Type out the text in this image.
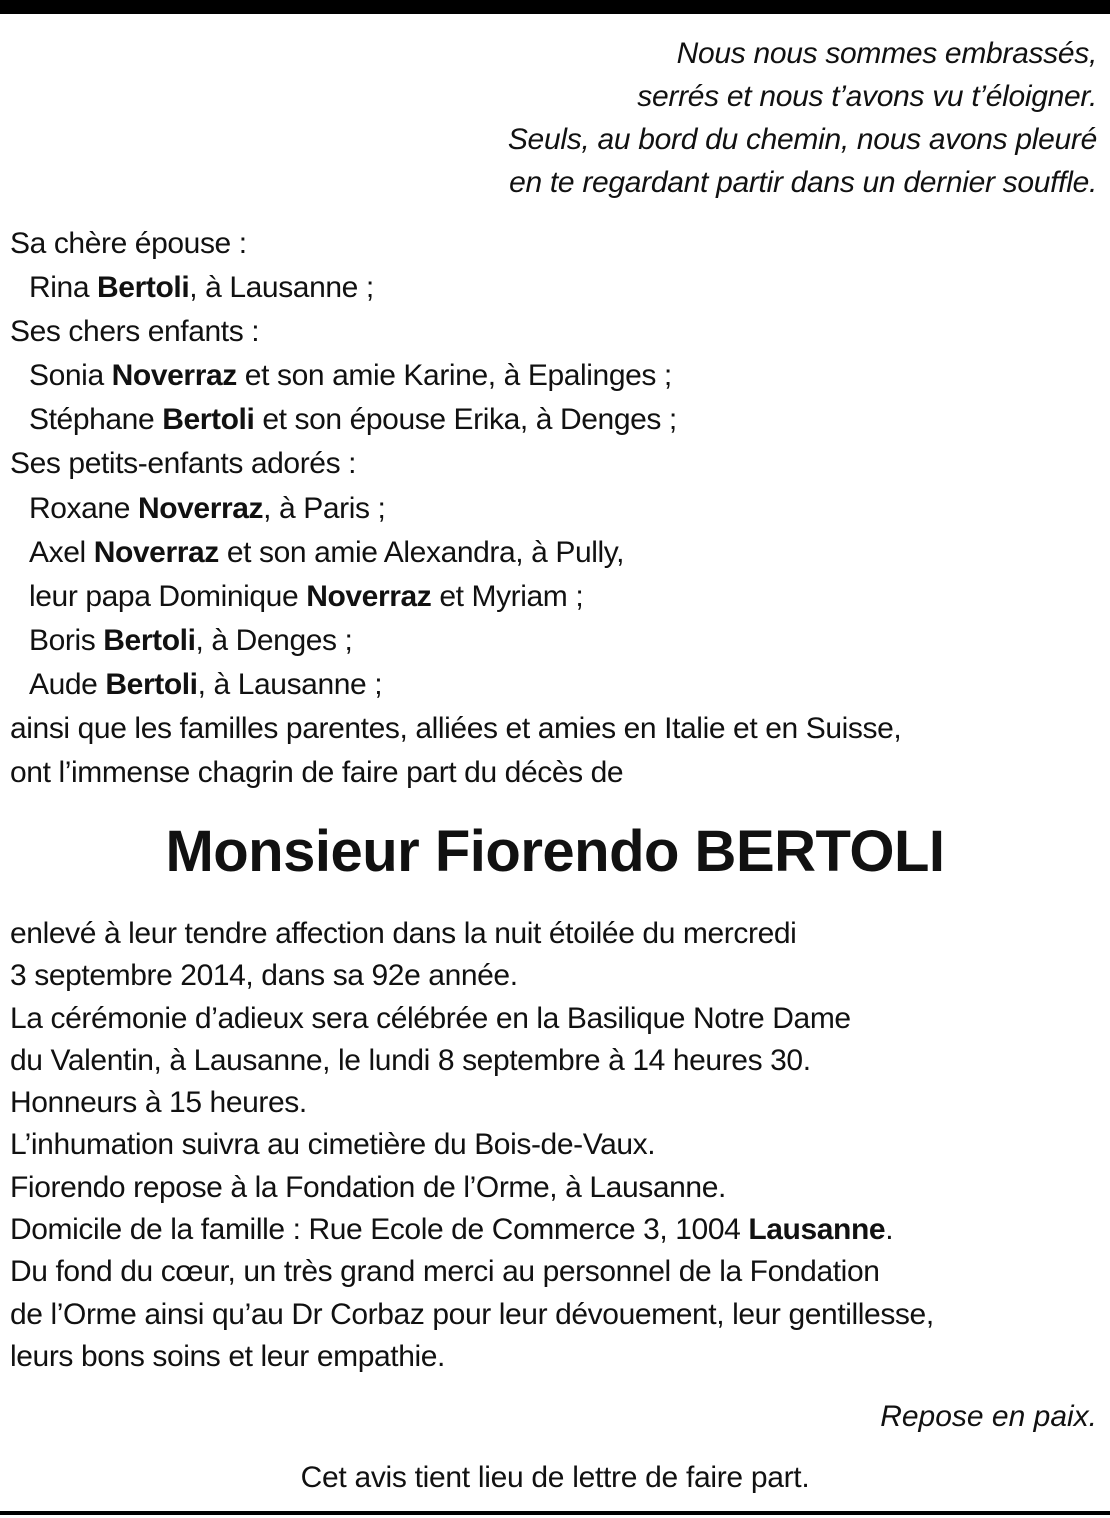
Nous nous sommes embrassés,
serrés et nous t’avons vu t’éloigner.
Seuls, au bord du chemin, nous avons pleuré
en te regardant partir dans un dernier souffle.
Sa chère épouse :
Rina Bertoli, à Lausanne ;
Ses chers enfants :
Sonia Noverraz et son amie Karine, à Epalinges ;
Stéphane Bertoli et son épouse Erika, à Denges ;
Ses petits-enfants adorés :
Roxane Noverraz, à Paris ;
Axel Noverraz et son amie Alexandra, à Pully,
leur papa Dominique Noverraz et Myriam ;
Boris Bertoli, à Denges ;
Aude Bertoli, à Lausanne ;
ainsi que les familles parentes, alliées et amies en Italie et en Suisse,
ont l’immense chagrin de faire part du décès de
Monsieur Fiorendo BERTOLI
enlevé à leur tendre affection dans la nuit étoilée du mercredi
3 septembre 2014, dans sa 92e année.
La cérémonie d’adieux sera célébrée en la Basilique Notre Dame
du Valentin, à Lausanne, le lundi 8 septembre à 14 heures 30.
Honneurs à 15 heures.
L’inhumation suivra au cimetière du Bois-de-Vaux.
Fiorendo repose à la Fondation de l’Orme, à Lausanne.
Domicile de la famille : Rue Ecole de Commerce 3, 1004 Lausanne.
Du fond du cœur, un très grand merci au personnel de la Fondation
de l’Orme ainsi qu’au Dr Corbaz pour leur dévouement, leur gentillesse,
leurs bons soins et leur empathie.
Repose en paix.
Cet avis tient lieu de lettre de faire part.
